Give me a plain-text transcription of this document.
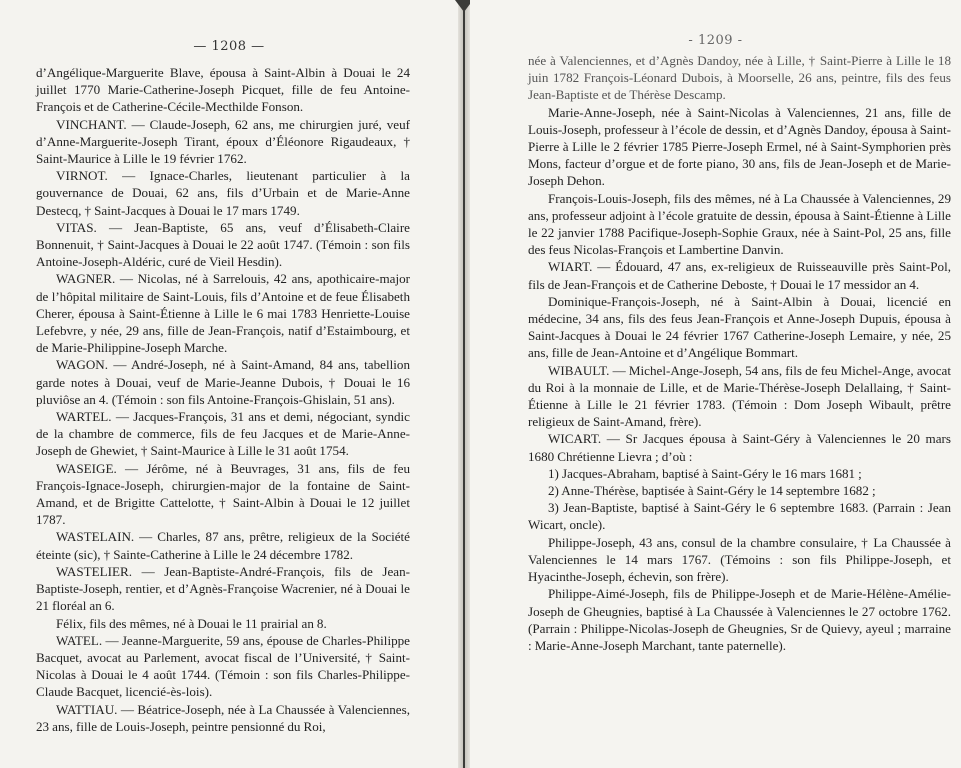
— 1208 —

d’Angélique-Marguerite Blave, épousa à Saint-Albin à Douai le 24 juillet 1770 Marie-Catherine-Joseph Picquet, fille de feu Antoine-François et de Catherine-Cécile-Mecthilde Fonson.

VINCHANT. — Claude-Joseph, 62 ans, me chirurgien juré, veuf d’Anne-Marguerite-Joseph Tirant, époux d’Éléonore Rigaudeaux, † Saint-Maurice à Lille le 19 février 1762.

VIRNOT. — Ignace-Charles, lieutenant particulier à la gouvernance de Douai, 62 ans, fils d’Urbain et de Marie-Anne Destecq, † Saint-Jacques à Douai le 17 mars 1749.

VITAS. — Jean-Baptiste, 65 ans, veuf d’Élisabeth-Claire Bonnenuit, † Saint-Jacques à Douai le 22 août 1747. (Témoin : son fils Antoine-Joseph-Aldéric, curé de Vieil Hesdin).

WAGNER. — Nicolas, né à Sarrelouis, 42 ans, apothicaire-major de l’hôpital militaire de Saint-Louis, fils d’Antoine et de feue Élisabeth Cherer, épousa à Saint-Étienne à Lille le 6 mai 1783 Henriette-Louise Lefebvre, y née, 29 ans, fille de Jean-François, natif d’Estaimbourg, et de Marie-Philippine-Joseph Marche.

WAGON. — André-Joseph, né à Saint-Amand, 84 ans, tabellion garde notes à Douai, veuf de Marie-Jeanne Dubois, † Douai le 16 pluviôse an 4. (Témoin : son fils Antoine-François-Ghislain, 51 ans).

WARTEL. — Jacques-François, 31 ans et demi, négociant, syndic de la chambre de commerce, fils de feu Jacques et de Marie-Anne-Joseph de Ghewiet, † Saint-Maurice à Lille le 31 août 1754.

WASEIGE. — Jérôme, né à Beuvrages, 31 ans, fils de feu François-Ignace-Joseph, chirurgien-major de la fontaine de Saint-Amand, et de Brigitte Cattelotte, † Saint-Albin à Douai le 12 juillet 1787.

WASTELAIN. — Charles, 87 ans, prêtre, religieux de la Société éteinte (sic), † Sainte-Catherine à Lille le 24 décembre 1782.

WASTELIER. — Jean-Baptiste-André-François, fils de Jean-Baptiste-Joseph, rentier, et d’Agnès-Françoise Wacrenier, né à Douai le 21 floréal an 6.

Félix, fils des mêmes, né à Douai le 11 prairial an 8.

WATEL. — Jeanne-Marguerite, 59 ans, épouse de Charles-Philippe Bacquet, avocat au Parlement, avocat fiscal de l’Université, † Saint-Nicolas à Douai le 4 août 1744. (Témoin : son fils Charles-Philippe-Claude Bacquet, licencié-ès-lois).

WATTIAU. — Béatrice-Joseph, née à La Chaussée à Valenciennes, 23 ans, fille de Louis-Joseph, peintre pensionné du Roi,

- 1209 -

née à Valenciennes, et d’Agnès Dandoy, née à Lille, † Saint-Pierre à Lille le 18 juin 1782 François-Léonard Dubois, à Moorselle, 26 ans, peintre, fils des feus Jean-Baptiste et de Thérèse Descamp.

Marie-Anne-Joseph, née à Saint-Nicolas à Valenciennes, 21 ans, fille de Louis-Joseph, professeur à l’école de dessin, et d’Agnès Dandoy, épousa à Saint-Pierre à Lille le 2 février 1785 Pierre-Joseph Ermel, né à Saint-Symphorien près Mons, facteur d’orgue et de forte piano, 30 ans, fils de Jean-Joseph et de Marie-Joseph Dehon.

François-Louis-Joseph, fils des mêmes, né à La Chaussée à Valenciennes, 29 ans, professeur adjoint à l’école gratuite de dessin, épousa à Saint-Étienne à Lille le 22 janvier 1788 Pacifique-Joseph-Sophie Graux, née à Saint-Pol, 25 ans, fille des feus Nicolas-François et Lambertine Danvin.

WIART. — Édouard, 47 ans, ex-religieux de Ruisseauville près Saint-Pol, fils de Jean-François et de Catherine Deboste, † Douai le 17 messidor an 4.

Dominique-François-Joseph, né à Saint-Albin à Douai, licencié en médecine, 34 ans, fils des feus Jean-François et Anne-Joseph Dupuis, épousa à Saint-Jacques à Douai le 24 février 1767 Catherine-Joseph Lemaire, y née, 25 ans, fille de Jean-Antoine et d’Angélique Bommart.

WIBAULT. — Michel-Ange-Joseph, 54 ans, fils de feu Michel-Ange, avocat du Roi à la monnaie de Lille, et de Marie-Thérèse-Joseph Delallaing, † Saint-Étienne à Lille le 21 février 1783. (Témoin : Dom Joseph Wibault, prêtre religieux de Saint-Amand, frère).

WICART. — Sr Jacques épousa à Saint-Géry à Valenciennes le 20 mars 1680 Chrétienne Lievra ; d’où :

1) Jacques-Abraham, baptisé à Saint-Géry le 16 mars 1681 ;
2) Anne-Thérèse, baptisée à Saint-Géry le 14 septembre 1682 ;
3) Jean-Baptiste, baptisé à Saint-Géry le 6 septembre 1683. (Parrain : Jean Wicart, oncle).

Philippe-Joseph, 43 ans, consul de la chambre consulaire, † La Chaussée à Valenciennes le 14 mars 1767. (Témoins : son fils Philippe-Joseph, et Hyacinthe-Joseph, échevin, son frère).

Philippe-Aimé-Joseph, fils de Philippe-Joseph et de Marie-Hélène-Amélie-Joseph de Gheugnies, baptisé à La Chaussée à Valenciennes le 27 octobre 1762. (Parrain : Philippe-Nicolas-Joseph de Gheugnies, Sr de Quievy, ayeul ; marraine : Marie-Anne-Joseph Marchant, tante paternelle).
